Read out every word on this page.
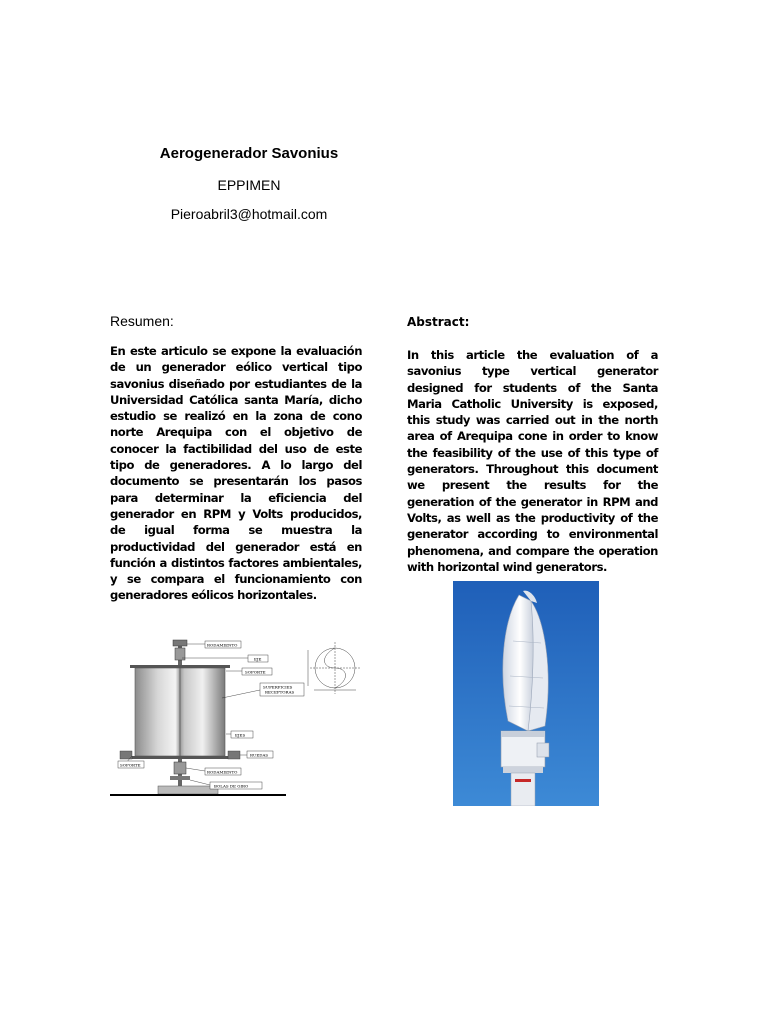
Aerogenerador Savonius
EPPIMEN
Pieroabril3@hotmail.com
Resumen:
En este articulo se expone la evaluación de un generador eólico vertical tipo savonius diseñado por estudiantes de la Universidad Católica santa María, dicho estudio se realizó en la zona de cono norte Arequipa con el objetivo de conocer la factibilidad del uso de este tipo de generadores. A lo largo del documento se presentarán los pasos para determinar la eficiencia del generador en RPM y Volts producidos, de igual forma se muestra la productividad del generador está en función a distintos factores ambientales, y se compara el funcionamiento con generadores eólicos horizontales.
Abstract:
In this article the evaluation of a savonius type vertical generator designed for students of the Santa Maria Catholic University is exposed, this study was carried out in the north area of Arequipa cone in order to know the feasibility of the use of this type of generators. Throughout this document we present the results for the generation of the generator in RPM and Volts, as well as the productivity of the generator according to environmental phenomena, and compare the operation with horizontal wind generators.
RODAMIENTO
EJE
SOPORTE
SUPERFICIES
RECEPTORAS
EJES
RUEDAS
SOPORTE
RODAMIENTO
BOLAS DE GIRO
